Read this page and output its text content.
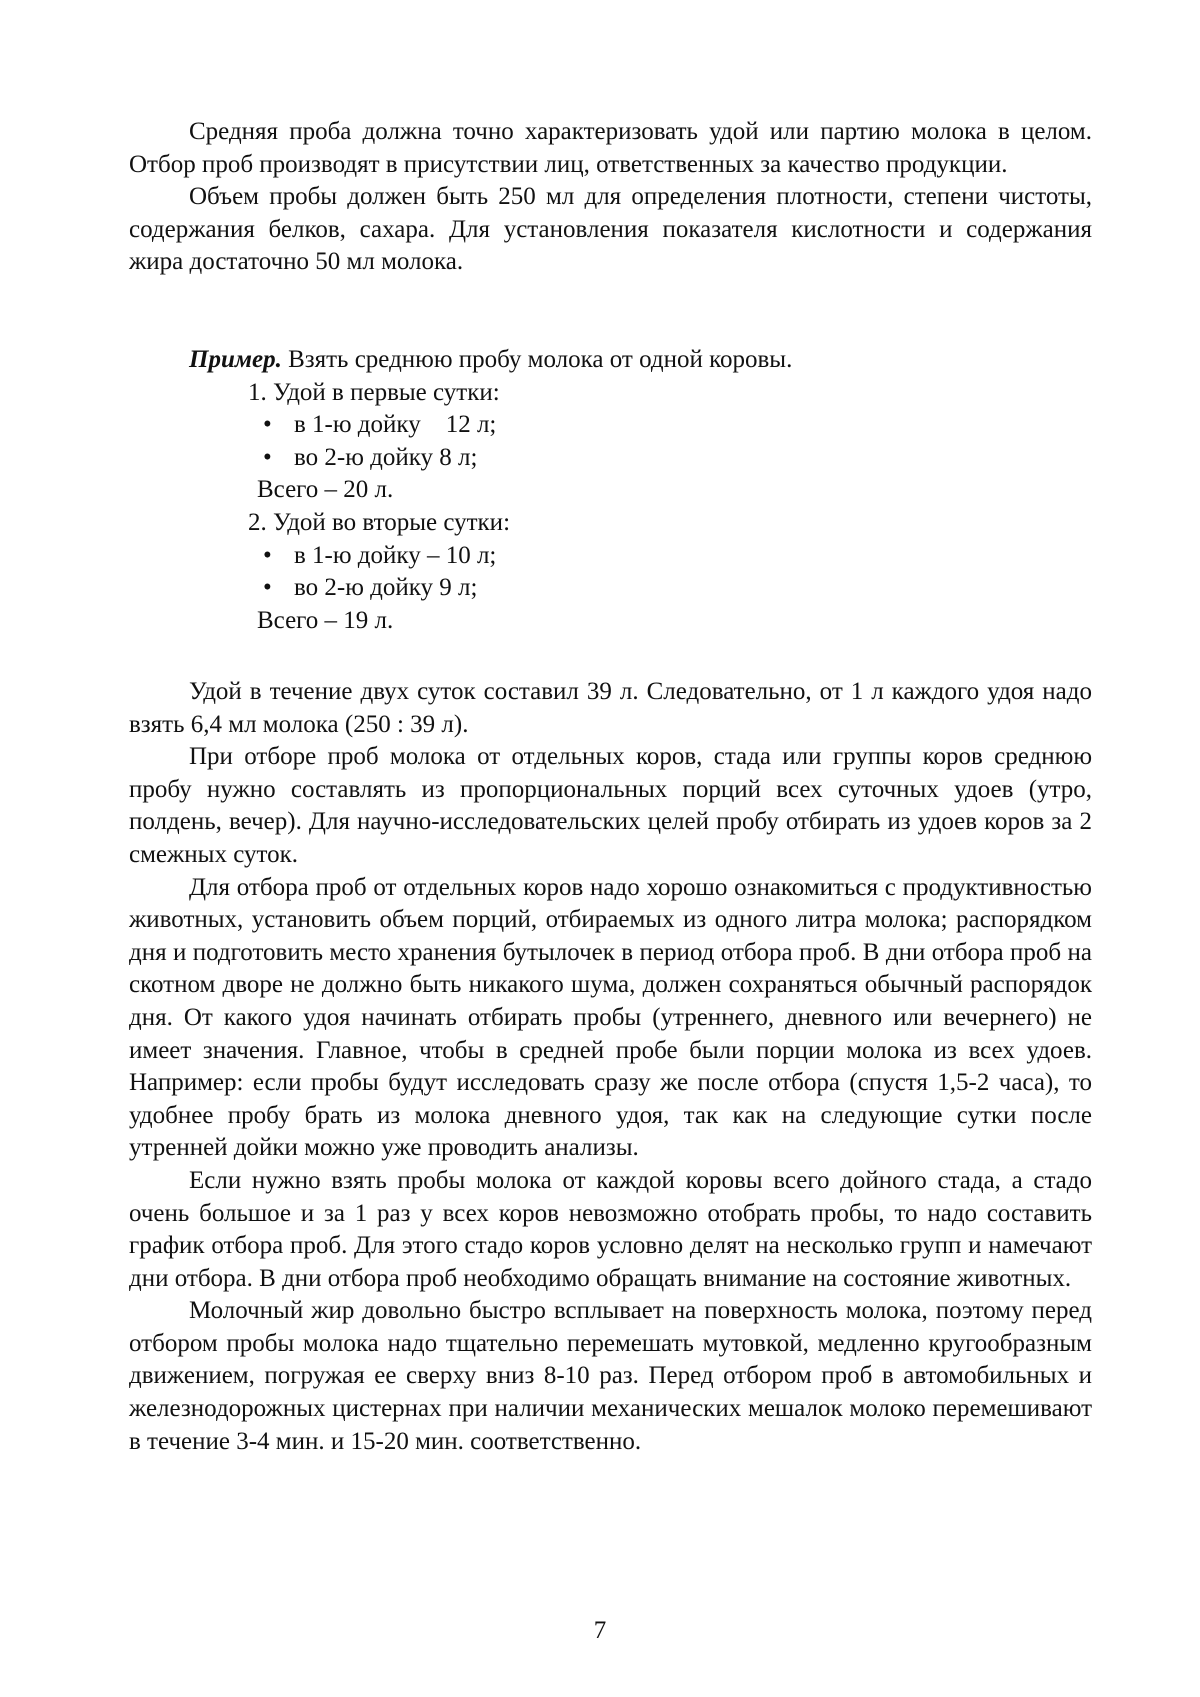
Средняя проба должна точно характеризовать удой или партию молока в целом. Отбор проб производят в присутствии лиц, ответственных за качество продукции.

Объем пробы должен быть 250 мл для определения плотности, степени чистоты, содержания белков, сахара. Для установления показателя кислотности и содержания жира достаточно 50 мл молока.

Пример. Взять среднюю пробу молока от одной коровы.
1. Удой в первые сутки:
• в 1-ю дойку    12 л;
• во 2-ю дойку 8 л;
Всего – 20 л.
2. Удой во вторые сутки:
• в 1-ю дойку – 10 л;
• во 2-ю дойку 9 л;
Всего – 19 л.

Удой в течение двух суток составил 39 л. Следовательно, от 1 л каждого удоя надо взять 6,4 мл молока (250 : 39 л).

При отборе проб молока от отдельных коров, стада или группы коров среднюю пробу нужно составлять из пропорциональных порций всех суточных удоев (утро, полдень, вечер). Для научно-исследовательских целей пробу отбирать из удоев коров за 2 смежных суток.

Для отбора проб от отдельных коров надо хорошо ознакомиться с продуктивностью животных, установить объем порций, отбираемых из одного литра молока; распорядком дня и подготовить место хранения бутылочек в период отбора проб. В дни отбора проб на скотном дворе не должно быть никакого шума, должен сохраняться обычный распорядок дня. От какого удоя начинать отбирать пробы (утреннего, дневного или вечернего) не имеет значения. Главное, чтобы в средней пробе были порции молока из всех удоев. Например: если пробы будут исследовать сразу же после отбора (спустя 1,5-2 часа), то удобнее пробу брать из молока дневного удоя, так как на следующие сутки после утренней дойки можно уже проводить анализы.

Если нужно взять пробы молока от каждой коровы всего дойного стада, а стадо очень большое и за 1 раз у всех коров невозможно отобрать пробы, то надо составить график отбора проб. Для этого стадо коров условно делят на несколько групп и намечают дни отбора. В дни отбора проб необходимо обращать внимание на состояние животных.

Молочный жир довольно быстро всплывает на поверхность молока, поэтому перед отбором пробы молока надо тщательно перемешать мутовкой, медленно кругообразным движением, погружая ее сверху вниз 8-10 раз. Перед отбором проб в автомобильных и железнодорожных цистернах при наличии механических мешалок молоко перемешивают в течение 3-4 мин. и 15-20 мин. соответственно.

7
